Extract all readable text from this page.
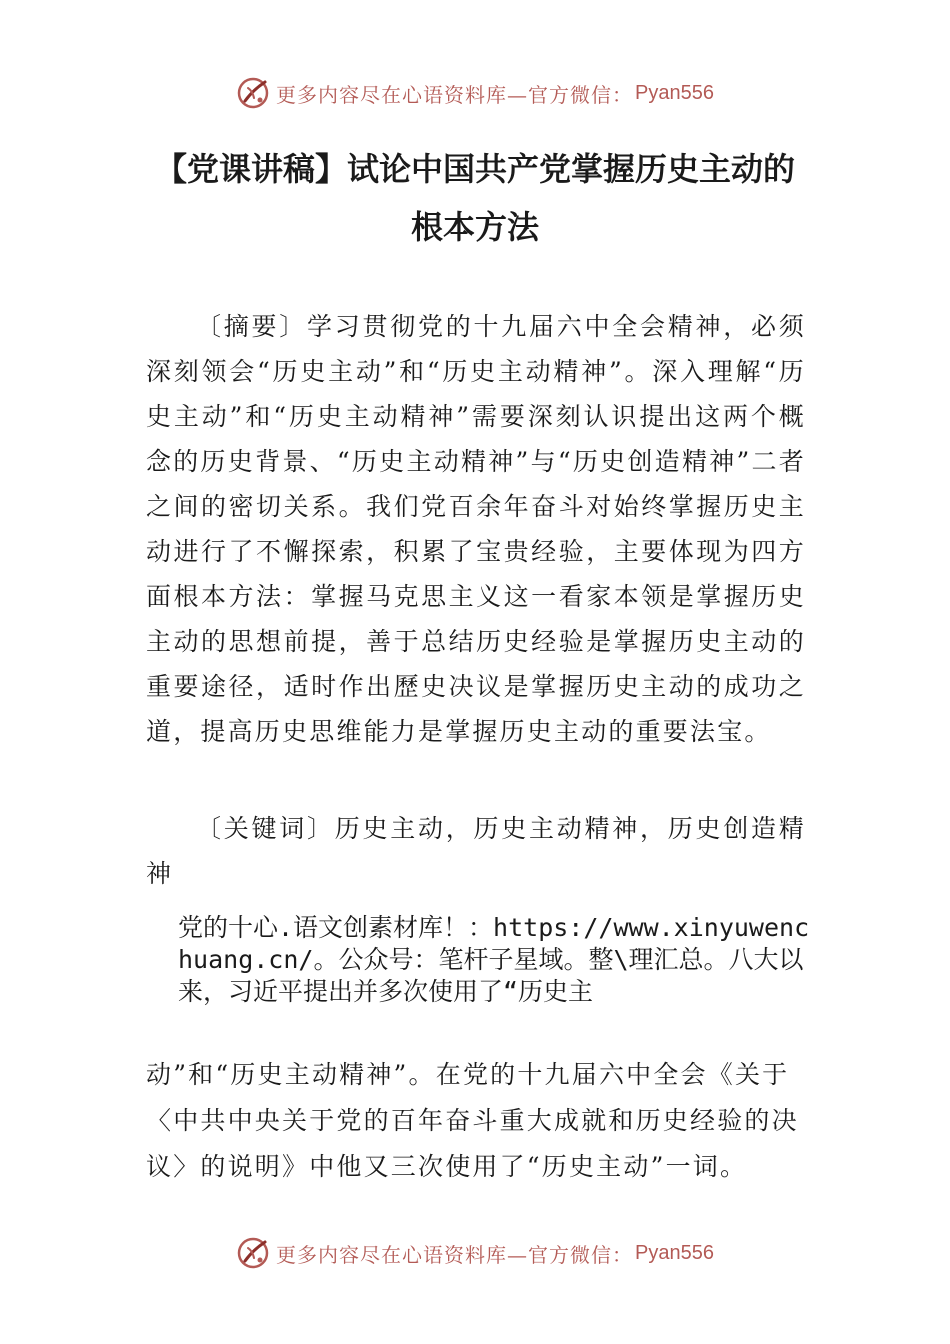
更多内容尽在心语资料库—官方微信： Pyan556
【党课讲稿】试论中国共产党掌握历史主动的根本方法

〔摘要〕学习贯彻党的十九届六中全会精神，必须深刻领会“历史主动”和“历史主动精神”。深入理解“历史主动”和“历史主动精神”需要深刻认识提出这两个概念的历史背景、“历史主动精神”与“历史创造精神”二者之间的密切关系。我们党百余年奋斗对始终掌握历史主动进行了不懈探索，积累了宝贵经验，主要体现为四方面根本方法：掌握马克思主义这一看家本领是掌握历史主动的思想前提，善于总结历史经验是掌握历史主动的重要途径，适时作出歷史决议是掌握历史主动的成功之道，提高历史思维能力是掌握历史主动的重要法宝。

〔关键词〕历史主动，历史主动精神，历史创造精神

党的十心.语文创素材库！：https://www.xinyuwenchuang.cn/。公众号：笔杆子星域。整\理汇总。八大以来，习近平提出并多次使用了“历史主

动”和“历史主动精神”。在党的十九届六中全会《关于〈中共中央关于党的百年奋斗重大成就和历史经验的决议〉的说明》中他又三次使用了“历史主动”一词。

更多内容尽在心语资料库—官方微信： Pyan556
